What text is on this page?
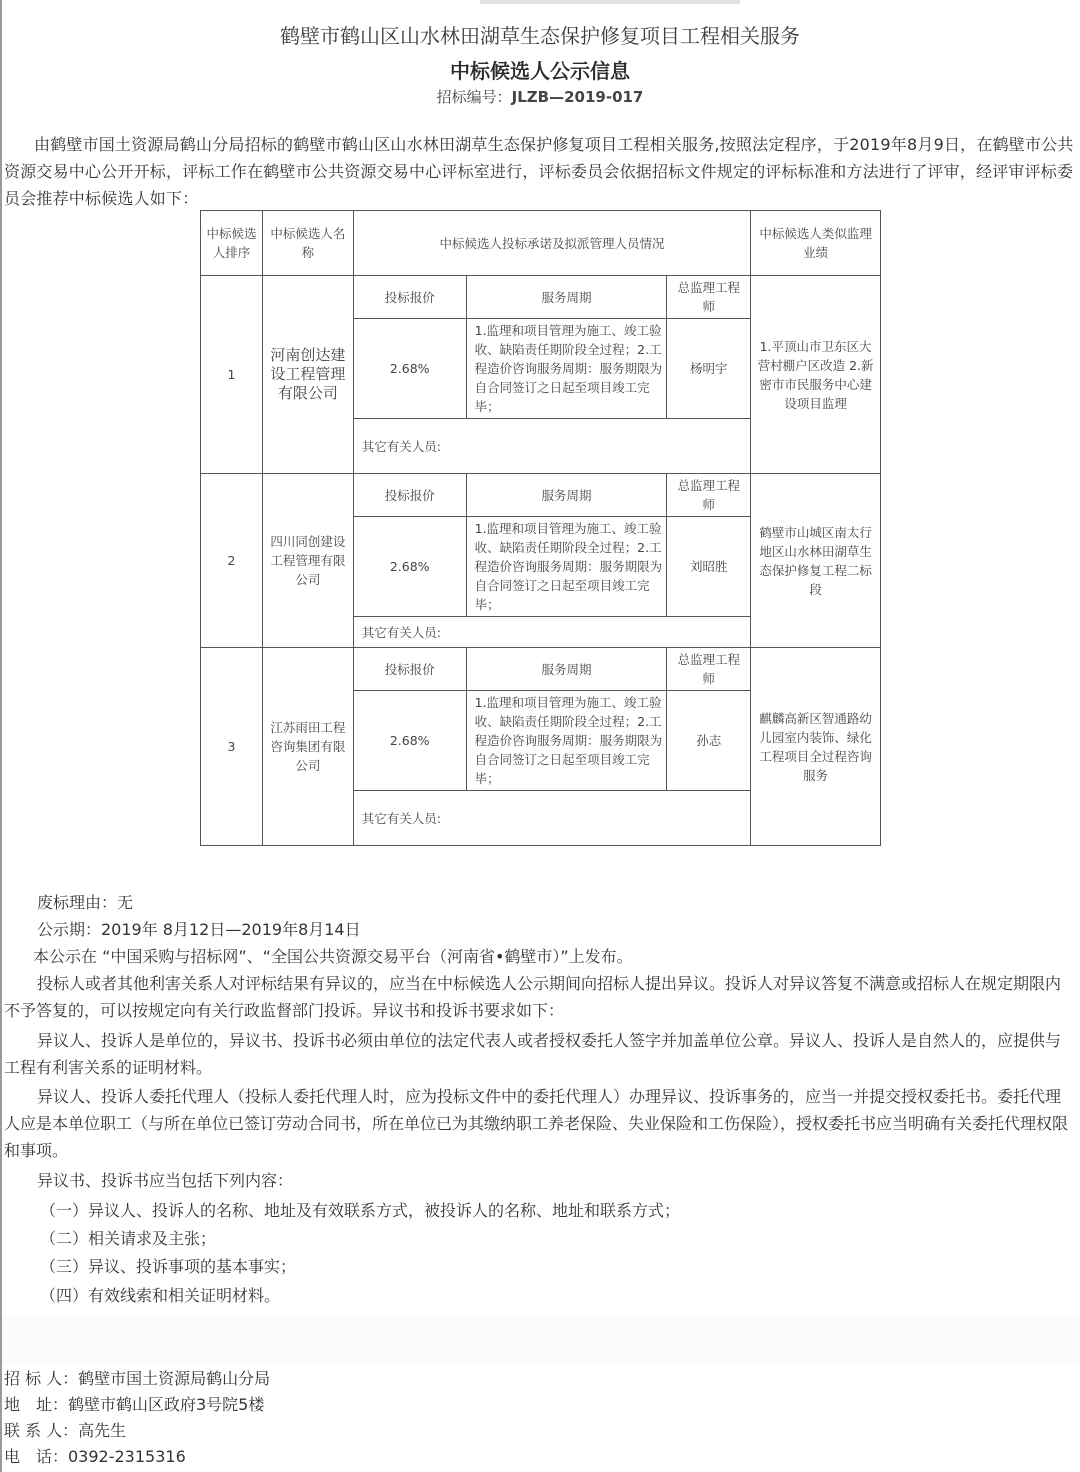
鹤壁市鹤山区山水林田湖草生态保护修复项目工程相关服务
中标候选人公示信息
招标编号：JLZB—2019-017
由鹤壁市国土资源局鹤山分局招标的鹤壁市鹤山区山水林田湖草生态保护修复项目工程相关服务,按照法定程序，于2019年8月9日，在鹤壁市公共资源交易中心公开开标，评标工作在鹤壁市公共资源交易中心评标室进行，评标委员会依据招标文件规定的评标标准和方法进行了评审，经评审评标委员会推荐中标候选人如下：
中标候选人排序	中标候选人名称	中标候选人投标承诺及拟派管理人员情况			中标候选人类似监理业绩
1	河南创达建设工程管理有限公司	投标报价	服务周期	总监理工程师	1.平顶山市卫东区大营村棚户区改造 2.新密市市民服务中心建设项目监理
		2.68%	1.监理和项目管理为施工、竣工验收、缺陷责任期阶段全过程；2.工程造价咨询服务周期：服务期限为自合同签订之日起至项目竣工完毕；	杨明宇	
		其它有关人员:			
2	四川同创建设工程管理有限公司	投标报价	服务周期	总监理工程师	鹤壁市山城区南太行地区山水林田湖草生态保护修复工程二标段
		2.68%	1.监理和项目管理为施工、竣工验收、缺陷责任期阶段全过程；2.工程造价咨询服务周期：服务期限为自合同签订之日起至项目竣工完毕；	刘昭胜	
		其它有关人员:			
3	江苏雨田工程咨询集团有限公司	投标报价	服务周期	总监理工程师	麒麟高新区智通路幼儿园室内装饰、绿化工程项目全过程咨询服务
		2.68%	1.监理和项目管理为施工、竣工验收、缺陷责任期阶段全过程；2.工程造价咨询服务周期：服务期限为自合同签订之日起至项目竣工完毕；	孙志	
		其它有关人员:			
废标理由：无
公示期：2019年 8月12日—2019年8月14日
本公示在 “中国采购与招标网”、“全国公共资源交易平台（河南省•鹤壁市）”上发布。
投标人或者其他利害关系人对评标结果有异议的，应当在中标候选人公示期间向招标人提出异议。投诉人对异议答复不满意或招标人在规定期限内不予答复的，可以按规定向有关行政监督部门投诉。异议书和投诉书要求如下：
异议人、投诉人是单位的，异议书、投诉书必须由单位的法定代表人或者授权委托人签字并加盖单位公章。异议人、投诉人是自然人的，应提供与工程有利害关系的证明材料。
异议人、投诉人委托代理人（投标人委托代理人时，应为投标文件中的委托代理人）办理异议、投诉事务的，应当一并提交授权委托书。委托代理人应是本单位职工（与所在单位已签订劳动合同书，所在单位已为其缴纳职工养老保险、失业保险和工伤保险），授权委托书应当明确有关委托代理权限和事项。
异议书、投诉书应当包括下列内容：
（一）异议人、投诉人的名称、地址及有效联系方式，被投诉人的名称、地址和联系方式；
（二）相关请求及主张；
（三）异议、投诉事项的基本事实；
（四）有效线索和相关证明材料。
招 标 人：鹤壁市国土资源局鹤山分局
地　址：鹤壁市鹤山区政府3号院5楼
联 系 人：高先生
电　话：0392-2315316
